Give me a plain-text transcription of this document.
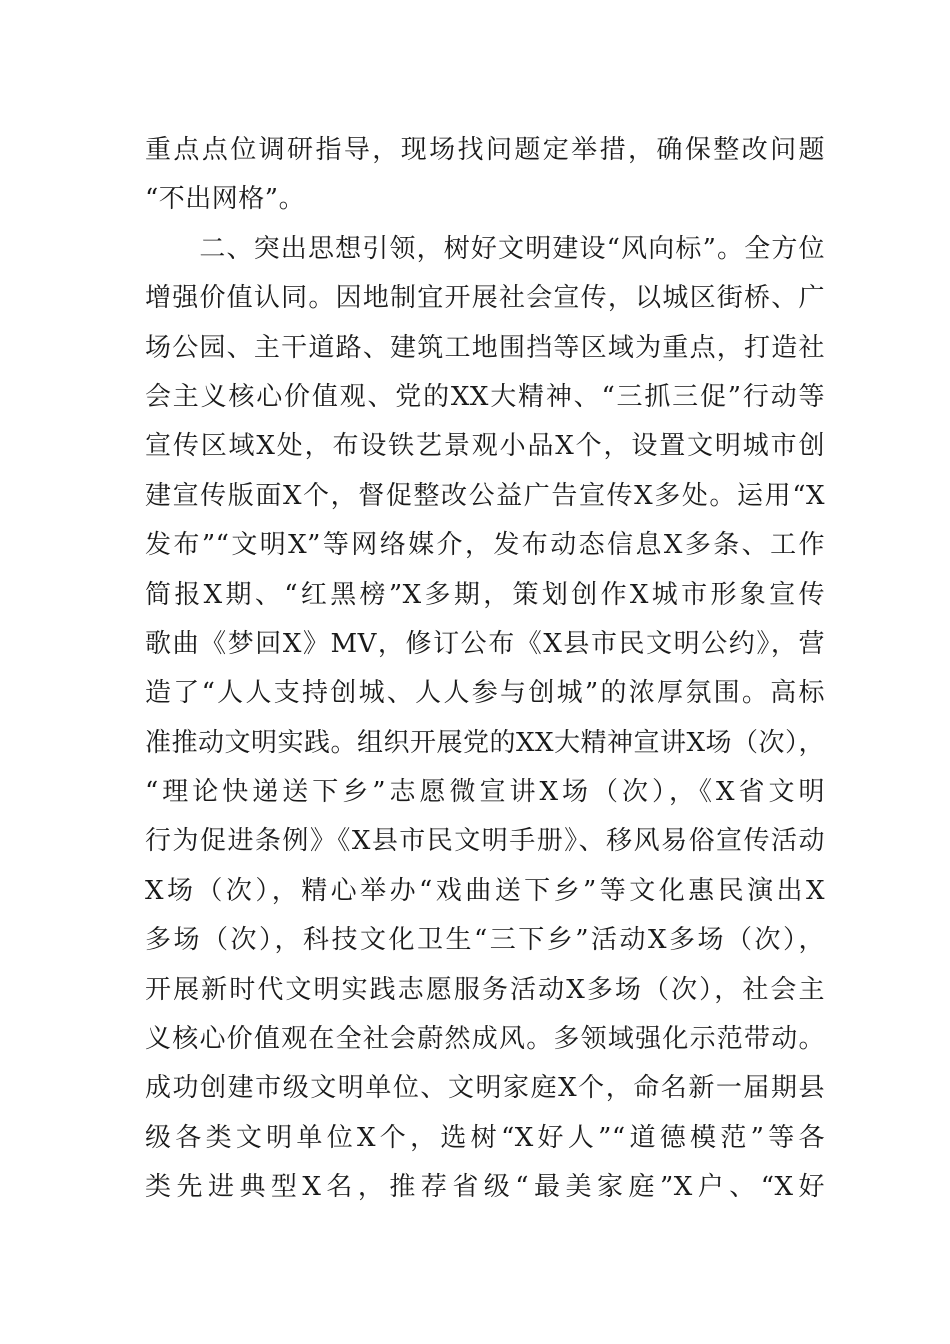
重点点位调研指导，现场找问题定举措，确保整改问题
“不出网格”。
　　二、突出思想引领，树好文明建设“风向标”。全方位
增强价值认同。因地制宜开展社会宣传，以城区街桥、广
场公园、主干道路、建筑工地围挡等区域为重点，打造社
会主义核心价值观、党的XX大精神、“三抓三促”行动等
宣传区域X处，布设铁艺景观小品X个，设置文明城市创
建宣传版面X个，督促整改公益广告宣传X多处。运用“X
发布”“文明X”等网络媒介，发布动态信息X多条、工作
简报X期、“红黑榜”X多期，策划创作X城市形象宣传
歌曲《梦回X》MV，修订公布《X县市民文明公约》，营
造了“人人支持创城、人人参与创城”的浓厚氛围。高标
准推动文明实践。组织开展党的XX大精神宣讲X场（次），
“理论快递送下乡”志愿微宣讲X场（次），《X省文明
行为促进条例》《X县市民文明手册》、移风易俗宣传活动
X场（次），精心举办“戏曲送下乡”等文化惠民演出X
多场（次），科技文化卫生“三下乡”活动X多场（次），
开展新时代文明实践志愿服务活动X多场（次），社会主
义核心价值观在全社会蔚然成风。多领域强化示范带动。
成功创建市级文明单位、文明家庭X个，命名新一届期县
级各类文明单位X个，选树“X好人”“道德模范”等各
类先进典型X名，推荐省级“最美家庭”X户、“X好
